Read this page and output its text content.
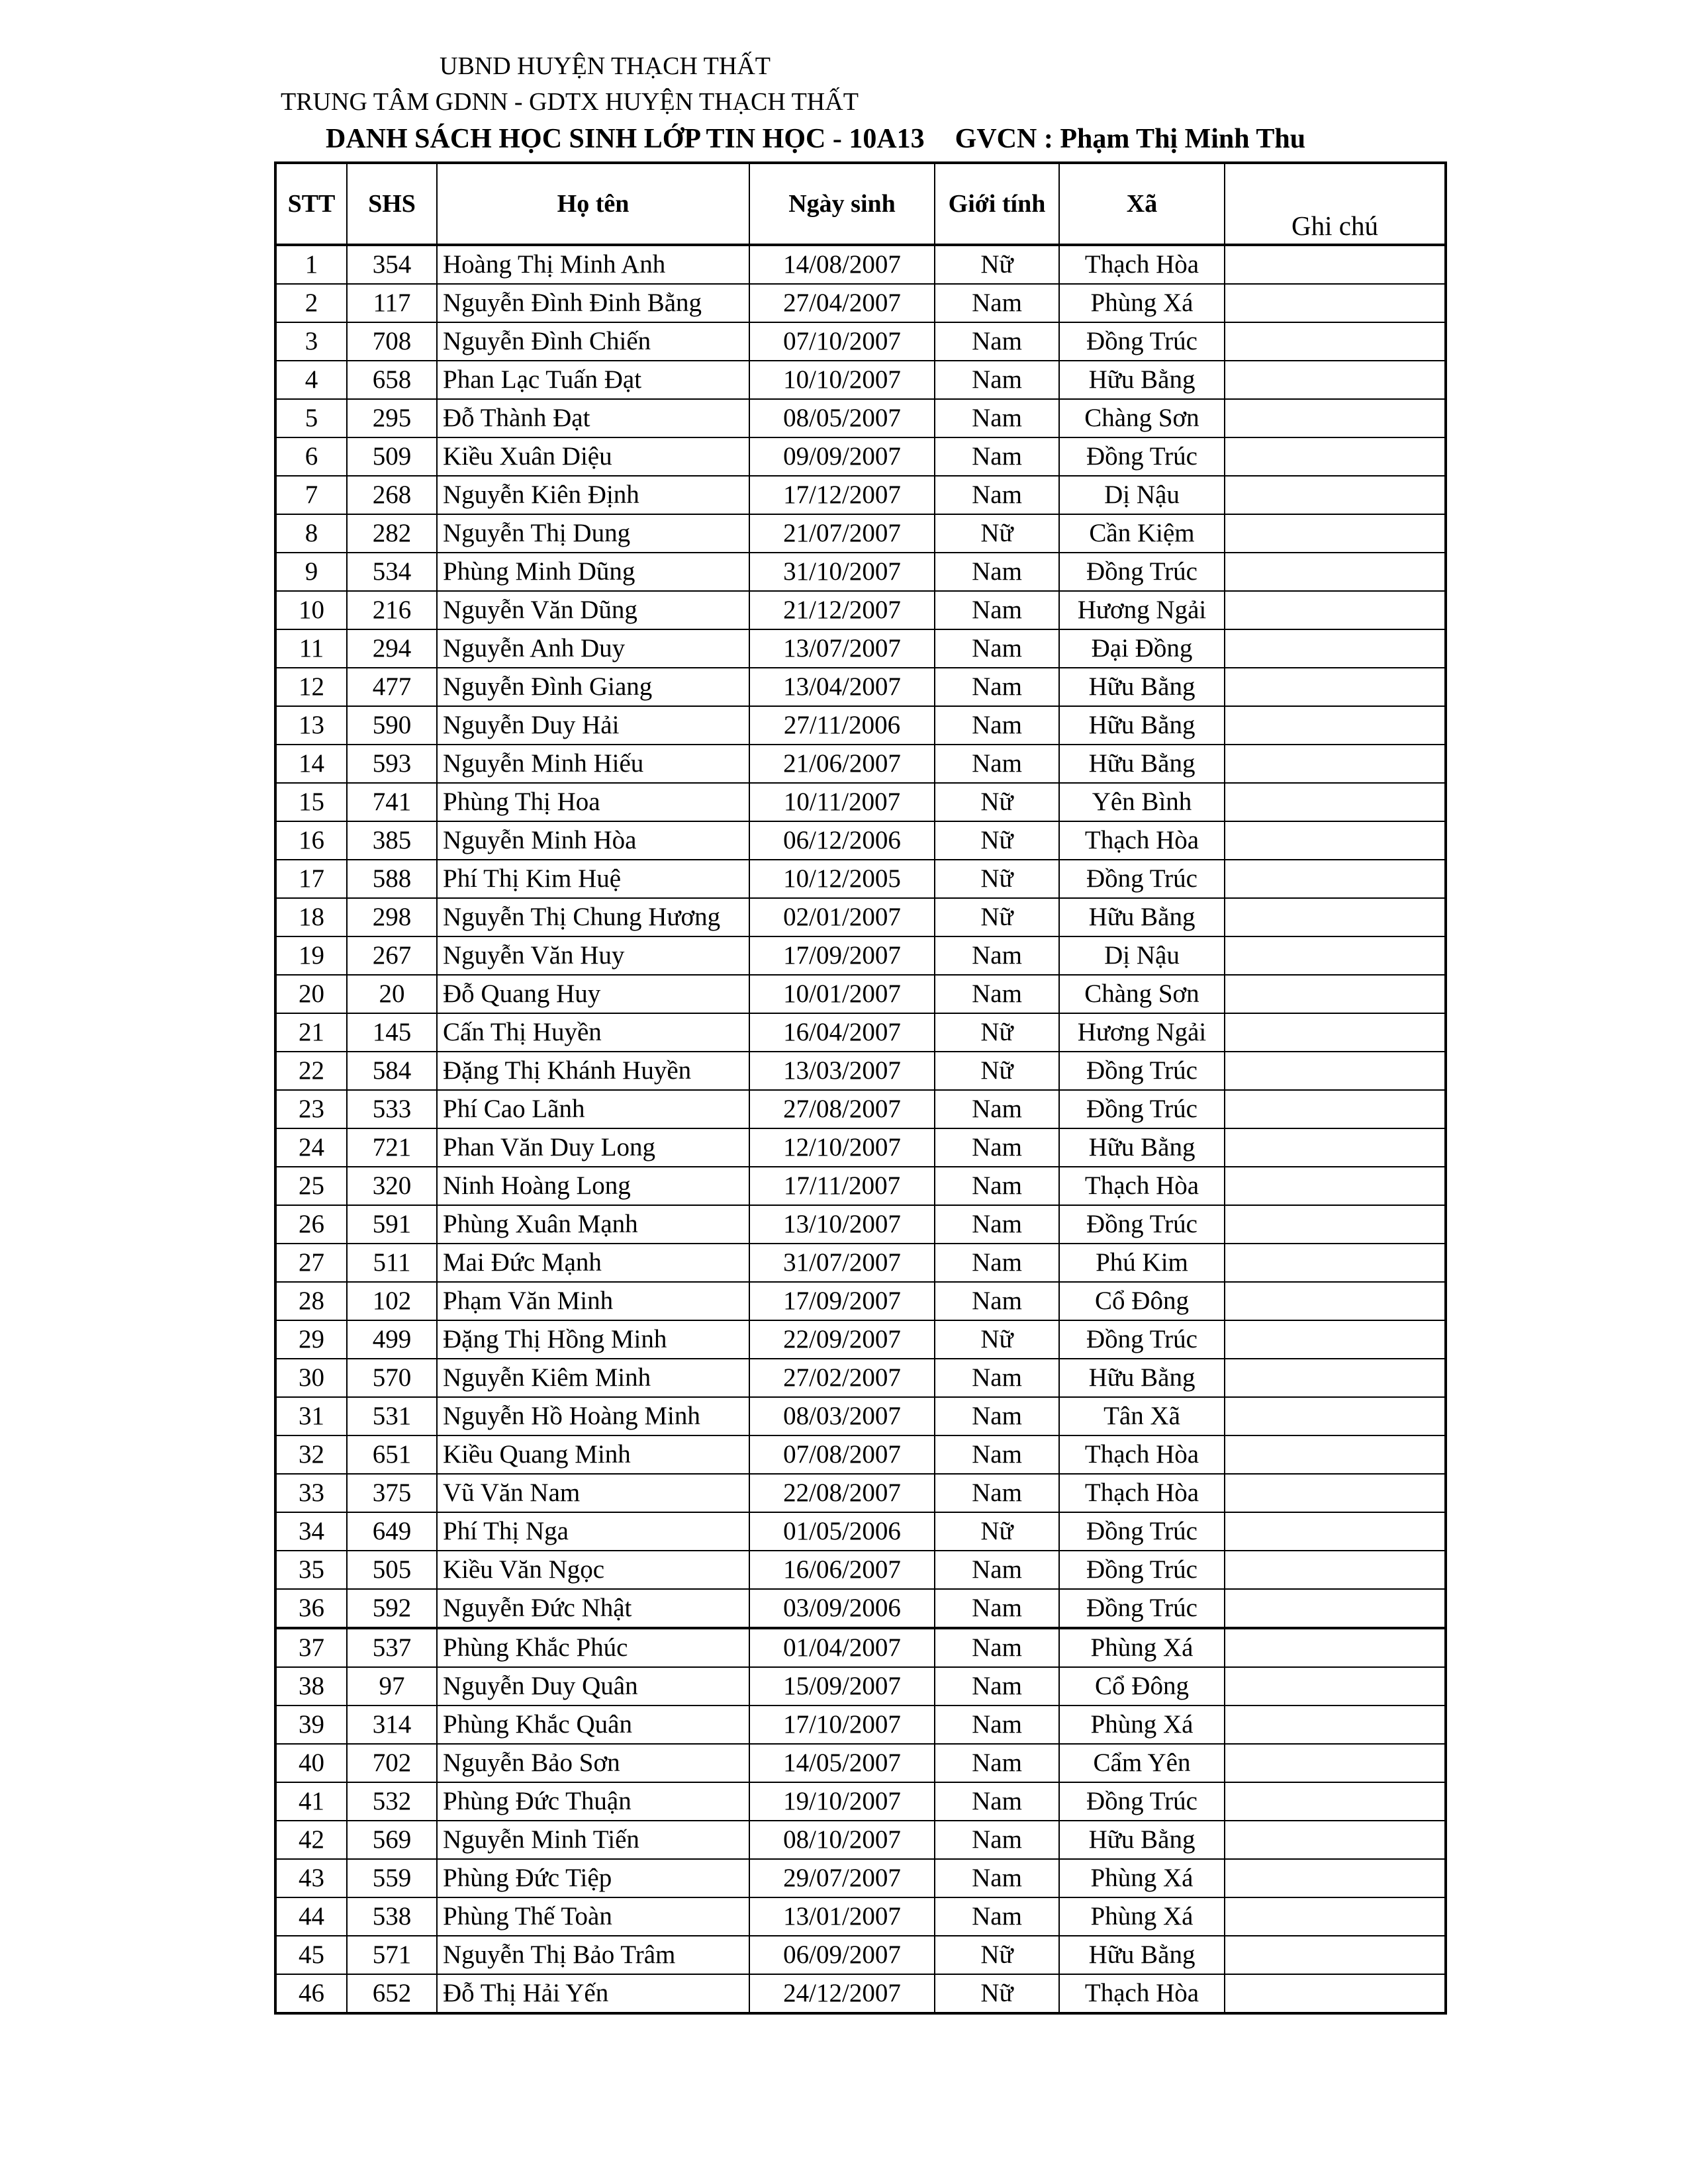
UBND HUYỆN THẠCH THẤT
TRUNG TÂM GDNN - GDTX HUYỆN THẠCH THẤT
DANH SÁCH HỌC SINH LỚP TIN HỌC - 10A13 GVCN : Phạm Thị Minh Thu
STT	SHS	Họ tên	Ngày sinh	Giới tính	Xã	Ghi chú
1	354	Hoàng Thị Minh Anh	14/08/2007	Nữ	Thạch Hòa	
2	117	Nguyễn Đình Đinh Bằng	27/04/2007	Nam	Phùng Xá	
3	708	Nguyễn Đình Chiến	07/10/2007	Nam	Đồng Trúc	
4	658	Phan Lạc Tuấn Đạt	10/10/2007	Nam	Hữu Bằng	
5	295	Đỗ Thành Đạt	08/05/2007	Nam	Chàng Sơn	
6	509	Kiều Xuân Diệu	09/09/2007	Nam	Đồng Trúc	
7	268	Nguyễn Kiên Định	17/12/2007	Nam	Dị Nậu	
8	282	Nguyễn Thị Dung	21/07/2007	Nữ	Cần Kiệm	
9	534	Phùng Minh Dũng	31/10/2007	Nam	Đồng Trúc	
10	216	Nguyễn Văn Dũng	21/12/2007	Nam	Hương Ngải	
11	294	Nguyễn Anh Duy	13/07/2007	Nam	Đại Đồng	
12	477	Nguyễn Đình Giang	13/04/2007	Nam	Hữu Bằng	
13	590	Nguyễn Duy Hải	27/11/2006	Nam	Hữu Bằng	
14	593	Nguyễn Minh Hiếu	21/06/2007	Nam	Hữu Bằng	
15	741	Phùng Thị Hoa	10/11/2007	Nữ	Yên Bình	
16	385	Nguyễn Minh Hòa	06/12/2006	Nữ	Thạch Hòa	
17	588	Phí Thị Kim Huệ	10/12/2005	Nữ	Đồng Trúc	
18	298	Nguyễn Thị Chung Hương	02/01/2007	Nữ	Hữu Bằng	
19	267	Nguyễn Văn Huy	17/09/2007	Nam	Dị Nậu	
20	20	Đỗ Quang Huy	10/01/2007	Nam	Chàng Sơn	
21	145	Cấn Thị Huyền	16/04/2007	Nữ	Hương Ngải	
22	584	Đặng Thị Khánh Huyền	13/03/2007	Nữ	Đồng Trúc	
23	533	Phí Cao Lãnh	27/08/2007	Nam	Đồng Trúc	
24	721	Phan Văn Duy Long	12/10/2007	Nam	Hữu Bằng	
25	320	Ninh Hoàng Long	17/11/2007	Nam	Thạch Hòa	
26	591	Phùng Xuân Mạnh	13/10/2007	Nam	Đồng Trúc	
27	511	Mai Đức Mạnh	31/07/2007	Nam	Phú Kim	
28	102	Phạm Văn Minh	17/09/2007	Nam	Cổ Đông	
29	499	Đặng Thị Hồng Minh	22/09/2007	Nữ	Đồng Trúc	
30	570	Nguyễn Kiêm Minh	27/02/2007	Nam	Hữu Bằng	
31	531	Nguyễn Hồ Hoàng Minh	08/03/2007	Nam	Tân Xã	
32	651	Kiều Quang Minh	07/08/2007	Nam	Thạch Hòa	
33	375	Vũ Văn Nam	22/08/2007	Nam	Thạch Hòa	
34	649	Phí Thị Nga	01/05/2006	Nữ	Đồng Trúc	
35	505	Kiều Văn Ngọc	16/06/2007	Nam	Đồng Trúc	
36	592	Nguyễn Đức Nhật	03/09/2006	Nam	Đồng Trúc	
37	537	Phùng Khắc Phúc	01/04/2007	Nam	Phùng Xá	
38	97	Nguyễn Duy Quân	15/09/2007	Nam	Cổ Đông	
39	314	Phùng Khắc Quân	17/10/2007	Nam	Phùng Xá	
40	702	Nguyễn Bảo Sơn	14/05/2007	Nam	Cẩm Yên	
41	532	Phùng Đức Thuận	19/10/2007	Nam	Đồng Trúc	
42	569	Nguyễn Minh Tiến	08/10/2007	Nam	Hữu Bằng	
43	559	Phùng Đức Tiệp	29/07/2007	Nam	Phùng Xá	
44	538	Phùng Thế Toàn	13/01/2007	Nam	Phùng Xá	
45	571	Nguyễn Thị Bảo Trâm	06/09/2007	Nữ	Hữu Bằng	
46	652	Đỗ Thị Hải Yến	24/12/2007	Nữ	Thạch Hòa	
